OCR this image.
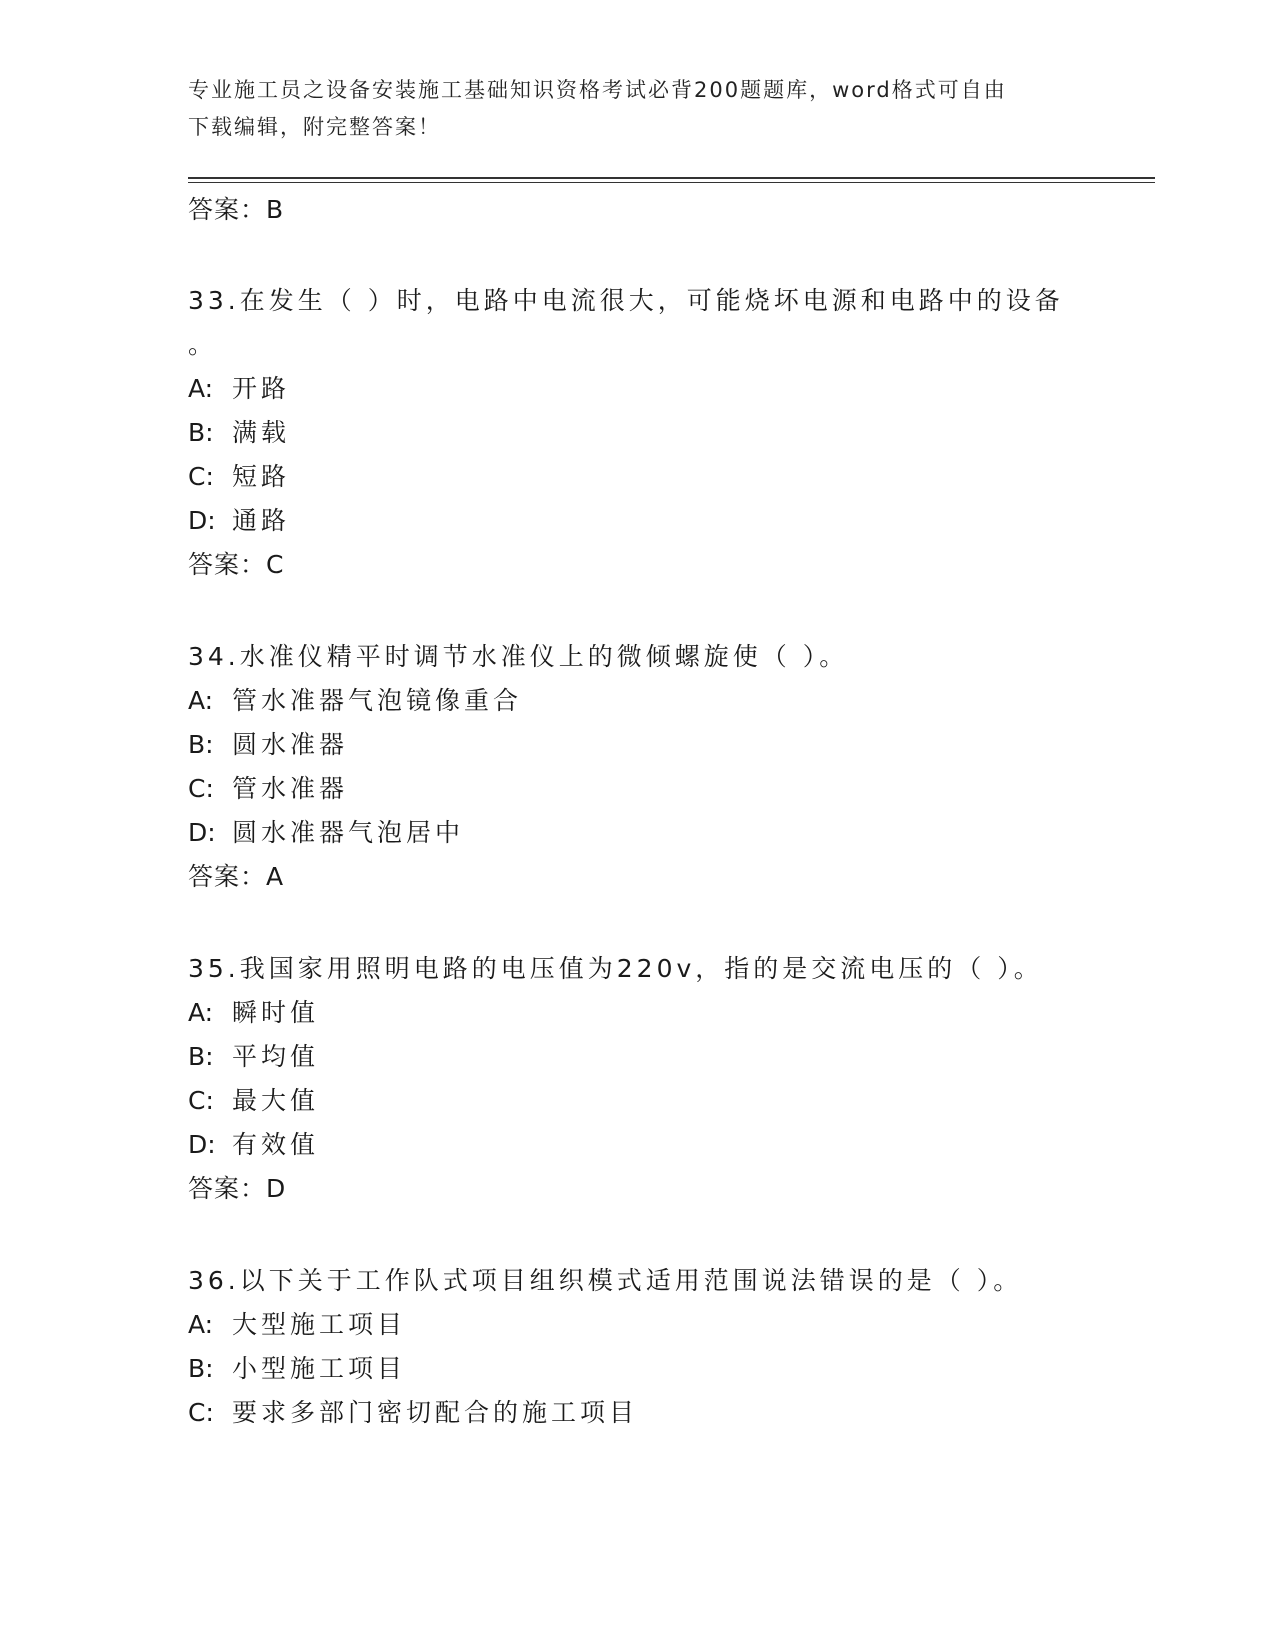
专业施工员之设备安装施工基础知识资格考试必背200题题库，word格式可自由
下载编辑，附完整答案！
答案：B
33.在发生（ ）时，电路中电流很大，可能烧坏电源和电路中的设备
。
A: 开路
B: 满载
C: 短路
D: 通路
答案：C
34.水准仪精平时调节水准仪上的微倾螺旋使（ ）。
A: 管水准器气泡镜像重合
B: 圆水准器
C: 管水准器
D: 圆水准器气泡居中
答案：A
35.我国家用照明电路的电压值为220v，指的是交流电压的（ ）。
A: 瞬时值
B: 平均值
C: 最大值
D: 有效值
答案：D
36.以下关于工作队式项目组织模式适用范围说法错误的是（ ）。
A: 大型施工项目
B: 小型施工项目
C: 要求多部门密切配合的施工项目
